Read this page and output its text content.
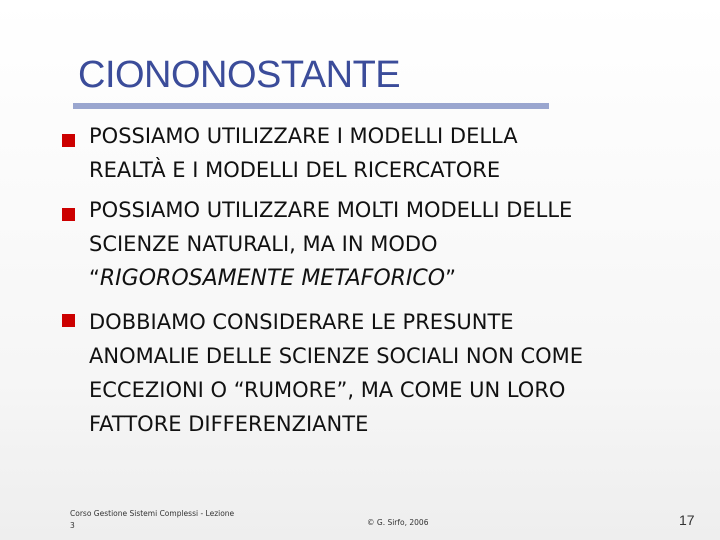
CIONONOSTANTE
POSSIAMO UTILIZZARE I MODELLI DELLA
REALTÀ E I MODELLI DEL RICERCATORE
POSSIAMO UTILIZZARE MOLTI MODELLI DELLE
SCIENZE NATURALI, MA IN MODO
“RIGOROSAMENTE METAFORICO”
DOBBIAMO CONSIDERARE LE PRESUNTE
ANOMALIE DELLE SCIENZE SOCIALI NON COME
ECCEZIONI O “RUMORE”, MA COME UN LORO
FATTORE DIFFERENZIANTE
Corso Gestione Sistemi Complessi - Lezione
3	© G. Sirfo, 2006	17
